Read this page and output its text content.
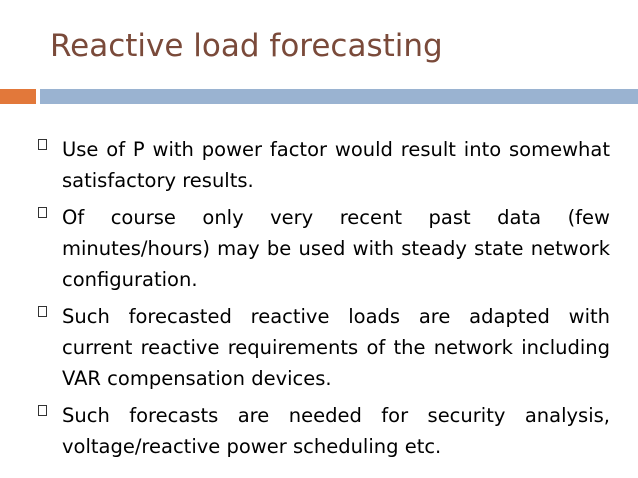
Reactive load forecasting
Use of P with power factor would result into somewhat satisfactory results.
Of course only very recent past data (few minutes/hours) may be used with steady state network configuration.
Such forecasted reactive loads are adapted with current reactive requirements of the network including VAR compensation devices.
Such forecasts are needed for security analysis, voltage/reactive power scheduling etc.
